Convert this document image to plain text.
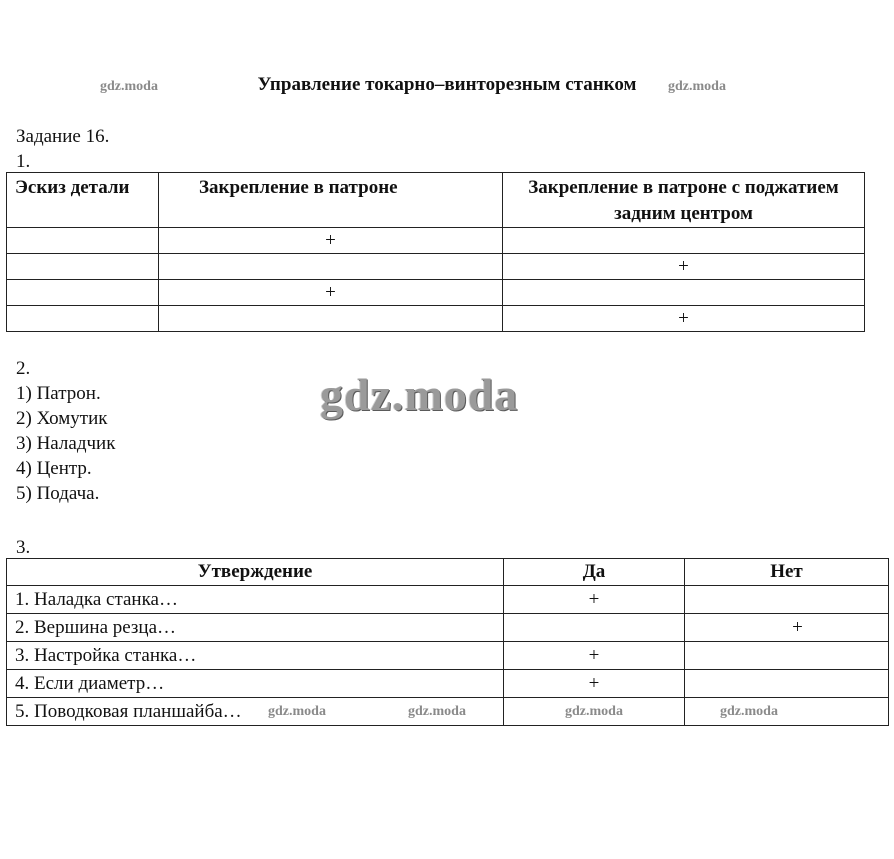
Управление токарно–винторезным станком
gdz.moda	gdz.moda
Задание 16.
1.
Эскиз детали	Закрепление в патроне	Закрепление в патроне с поджатием задним центром
	+	
		+
	+	
		+
2.
1) Патрон.
2) Хомутик
3) Наладчик
4) Центр.
5) Подача.
gdz.moda
3.
Утверждение	Да	Нет
1. Наладка станка…	+	
2. Вершина резца…		+
3. Настройка станка…	+	
4. Если диаметр…	+	
5. Поводковая планшайба…		gdz.moda	gdz.moda	gdz.moda	gdz.moda
